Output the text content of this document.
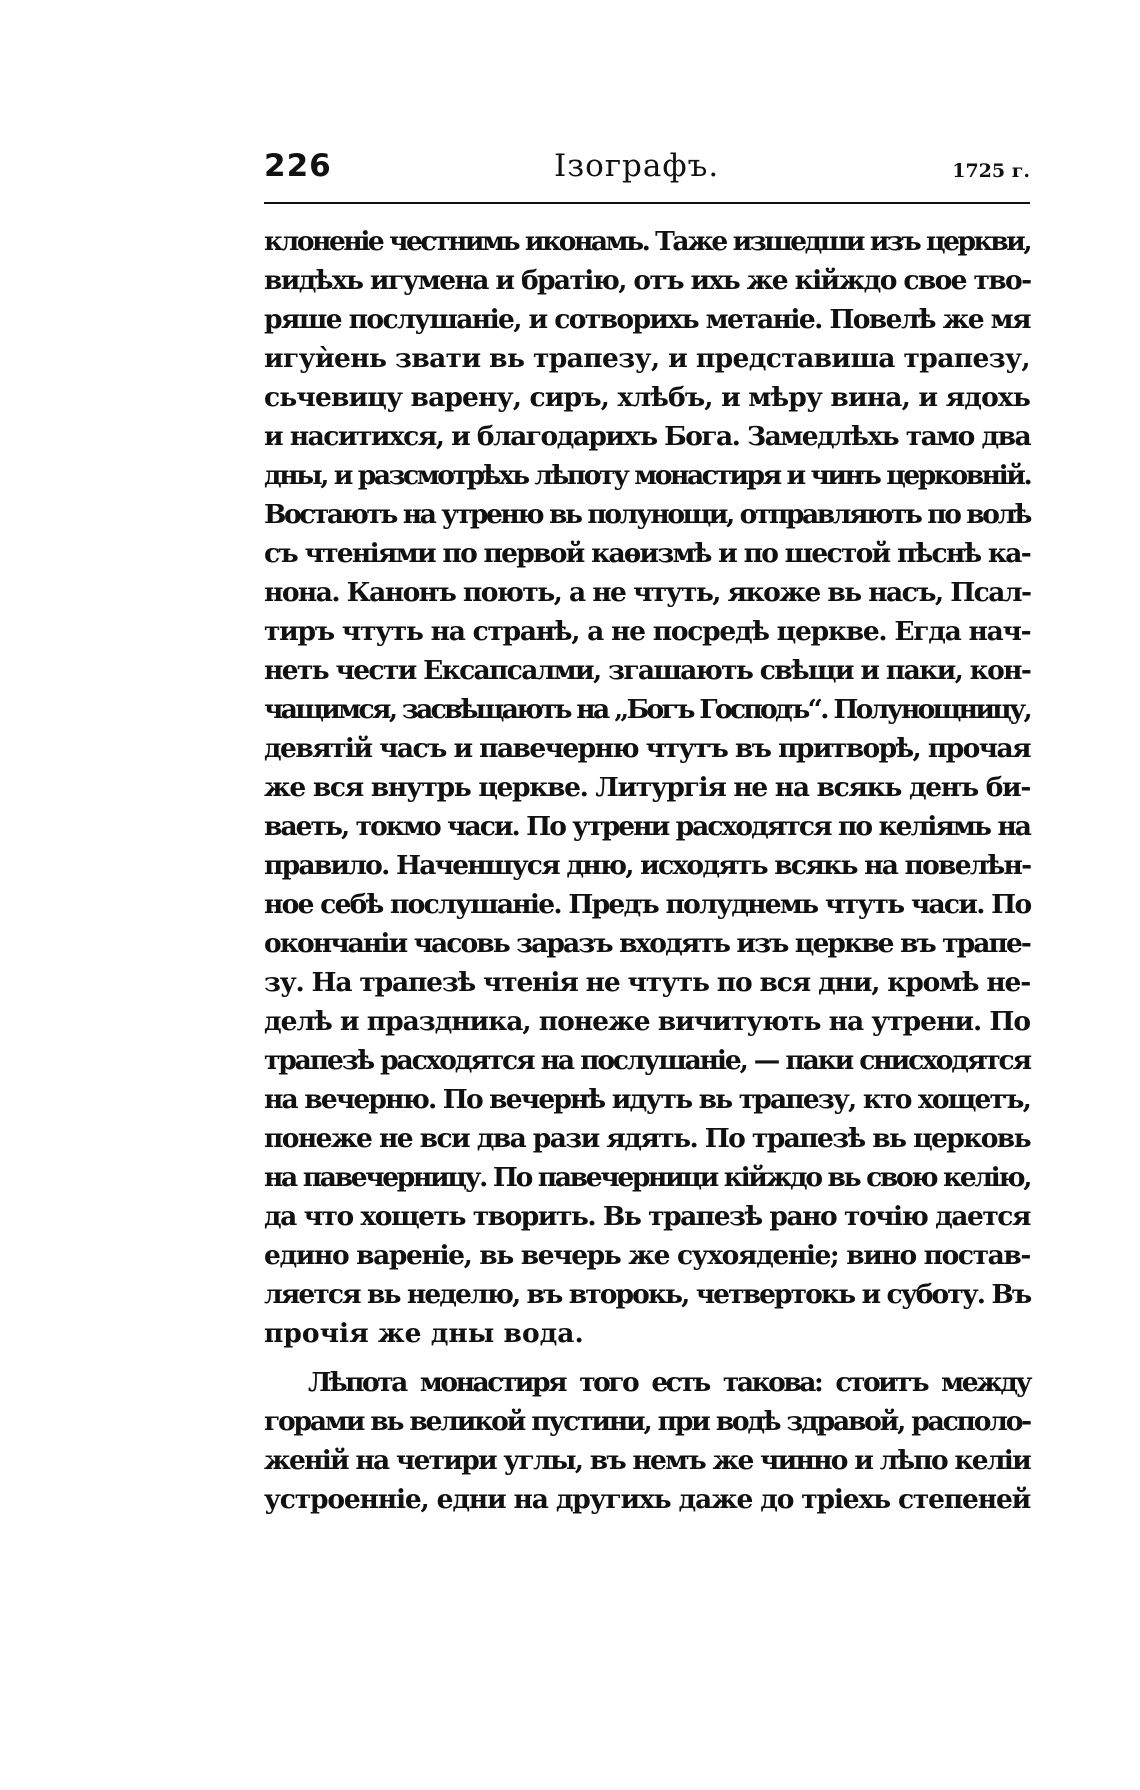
226	Ізографъ.	1725 г.
клоненіе честнимь иконамь. Таже изшедши изъ церкви,
видѣхь игумена и братію, отъ ихь же кійждо свое тво-
ряше послушаніе, и сотворихь метаніе. Повелѣ же мя
игуѝень звати вь трапезу, и представиша трапезу,
сьчевицу варену, сиръ, хлѣбъ, и мѣру вина, и ядохь
и наситихся, и благодарихъ Бога. Замедлѣхь тамо два
дны, и разсмотрѣхь лѣпоту монастиря и чинъ церковній.
Востають на утреню вь полунощи, отправляють по волѣ
съ чтеніями по первой каѳизмѣ и по шестой пѣснѣ ка-
нона. Канонъ поють, а не чтуть, якоже вь насъ, Псал-
тиръ чтуть на странѣ, а не посредѣ церкве. Егда нач-
неть чести Ексапсалми, згашають свѣщи и паки, кон-
чащимся, засвѣщають на „Богъ Господъ“. Полунощницу,
девятій часъ и павечерню чтутъ въ притворѣ, прочая
же вся внутрь церкве. Литургія не на всякь денъ би-
ваеть, токмо часи. По утрени расходятся по келіямь на
правило. Наченшуся дню, исходять всякь на повелѣн-
ное себѣ послушаніе. Предъ полуднемь чтуть часи. По
окончаніи часовь заразъ входять изъ церкве въ трапе-
зу. На трапезѣ чтенія не чтуть по вся дни, кромѣ не-
делѣ и праздника, понеже вичитують на утрени. По
трапезѣ расходятся на послушаніе, — паки снисходятся
на вечерню. По вечернѣ идуть вь трапезу, кто хощетъ,
понеже не вси два рази ядять. По трапезѣ вь церковь
на павечерницу. По павечерници кійждо вь свою келію,
да что хощеть творить. Вь трапезѣ рано точію дается
едино вареніе, вь вечерь же сухояденіе; вино постав-
ляется вь неделю, въ второкь, четвертокь и суботу. Въ
прочія же дны вода.
Лѣпота монастиря того есть такова: стоитъ между
горами вь великой пустини, при водѣ здравой, располо-
женій на четири углы, въ немъ же чинно и лѣпо келіи
устроенніе, едни на другихь даже до тріехь степеней
